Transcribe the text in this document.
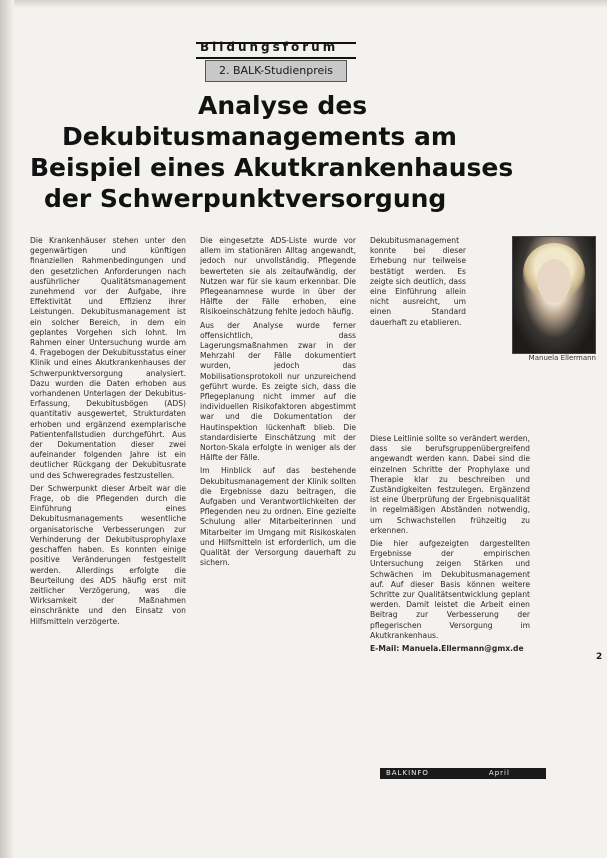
Bildungsforum
2. BALK-Studienpreis
Analyse des
Dekubitusmanagements am
Beispiel eines Akutkrankenhauses
der Schwerpunktversorgung

Die Krankenhäuser stehen unter den gegenwärtigen und künftigen finanziellen Rahmenbedingungen und den gesetzlichen Anforderungen nach ausführlicher Qualitätsmanagement zunehmend vor der Aufgabe, ihre Effektivität und Effizienz ihrer Leistungen. Dekubitusmanagement ist ein solcher Bereich, in dem ein geplantes Vorgehen sich lohnt. Im Rahmen einer Untersuchung wurde am 4. Fragebogen der Dekubitusstatus einer Klinik und eines Akutkrankenhauses der Schwerpunktversorgung analysiert. Dazu wurden die Daten erhoben aus vorhandenen Unterlagen der Dekubitus-Erfassung, Dekubitusbögen (ADS) quantitativ ausgewertet, Strukturdaten erhoben und ergänzend exemplarische Patientenfallstudien durchgeführt. Aus der Dokumentation dieser zwei aufeinander folgenden Jahre ist ein deutlicher Rückgang der Dekubitusrate und des Schweregrades festzustellen.

Der Schwerpunkt dieser Arbeit war die Frage, ob die Pflegenden durch die Einführung eines Dekubitusmanagements wesentliche organisatorische Verbesserungen zur Verhinderung der Dekubitusprophylaxe geschaffen haben. Es konnten einige positive Veränderungen festgestellt werden. Allerdings erfolgte die Beurteilung des ADS häufig erst mit zeitlicher Verzögerung, was die Wirksamkeit der Maßnahmen einschränkte und den Einsatz von Hilfsmitteln verzögerte.

Die eingesetzte ADS-Liste wurde vor allem im stationären Alltag angewandt, jedoch nur unvollständig. Pflegende bewerteten sie als zeitaufwändig, der Nutzen war für sie kaum erkennbar. Die Pflegeanamnese wurde in über der Hälfte der Fälle erhoben, eine Risikoeinschätzung fehlte jedoch häufig.

Aus der Analyse wurde ferner offensichtlich, dass Lagerungsmaßnahmen zwar in der Mehrzahl der Fälle dokumentiert wurden, jedoch das Mobilisationsprotokoll nur unzureichend geführt wurde. Es zeigte sich, dass die Pflegeplanung nicht immer auf die individuellen Risikofaktoren abgestimmt war und die Dokumentation der Hautinspektion lückenhaft blieb. Die standardisierte Einschätzung mit der Norton-Skala erfolgte in weniger als der Hälfte der Fälle.

Im Hinblick auf das bestehende Dekubitusmanagement der Klinik sollten die Ergebnisse dazu beitragen, die Aufgaben und Verantwortlichkeiten der Pflegenden neu zu ordnen. Eine gezielte Schulung aller Mitarbeiterinnen und Mitarbeiter im Umgang mit Risikoskalen und Hilfsmitteln ist erforderlich, um die Qualität der Versorgung dauerhaft zu sichern.

Dekubitusmanagement konnte bei dieser Erhebung nur teilweise bestätigt werden. Es zeigte sich deutlich, dass eine Einführung allein nicht ausreicht, um einen Standard dauerhaft zu etablieren.

Diese Leitlinie sollte so verändert werden, dass sie berufsgruppenübergreifend angewandt werden kann. Dabei sind die einzelnen Schritte der Prophylaxe und Therapie klar zu beschreiben und Zuständigkeiten festzulegen. Ergänzend ist eine Überprüfung der Ergebnisqualität in regelmäßigen Abständen notwendig, um Schwachstellen frühzeitig zu erkennen.

Die hier aufgezeigten dargestellten Ergebnisse der empirischen Untersuchung zeigen Stärken und Schwächen im Dekubitusmanagement auf. Auf dieser Basis können weitere Schritte zur Qualitätsentwicklung geplant werden. Damit leistet die Arbeit einen Beitrag zur Verbesserung der pflegerischen Versorgung im Akutkrankenhaus.

E-Mail: Manuela.Ellermann@gmx.de

Manuela Ellermann
2
BALKINFO	April 2001
